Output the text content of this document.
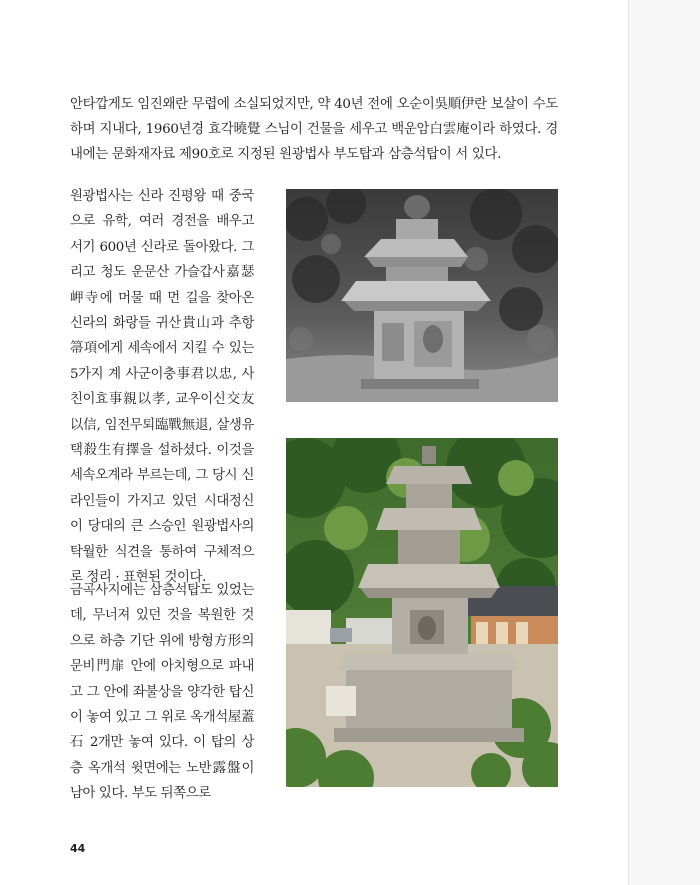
안타깝게도 임진왜란 무렵에 소실되었지만, 약 40년 전에 오순이吳順伊란 보살이 수도하며 지내다, 1960년경 효각曉覺 스님이 건물을 세우고 백운암白雲庵이라 하였다. 경내에는 문화재자료 제90호로 지정된 원광법사 부도탑과 삼층석탑이 서 있다.

원광법사는 신라 진평왕 때 중국으로 유학, 여러 경전을 배우고 서기 600년 신라로 돌아왔다. 그리고 청도 운문산 가슬갑사嘉瑟岬寺에 머물 때 먼 길을 찾아온 신라의 화랑들 귀산貴山과 추항箒項에게 세속에서 지킬 수 있는 5가지 계 사군이충事君以忠, 사친이효事親以孝, 교우이신交友以信, 임전무퇴臨戰無退, 살생유택殺生有擇을 설하셨다. 이것을 세속오계라 부르는데, 그 당시 신라인들이 가지고 있던 시대정신이 당대의 큰 스승인 원광법사의 탁월한 식견을 통하여 구체적으로 정리 · 표현된 것이다.

금곡사지에는 삼층석탑도 있었는데, 무너져 있던 것을 복원한 것으로 하층 기단 위에 방형方形의 문비門扉 안에 아치형으로 파내고 그 안에 좌불상을 양각한 탑신이 놓여 있고 그 위로 옥개석屋蓋石 2개만 놓여 있다. 이 탑의 상층 옥개석 윗면에는 노반露盤이 남아 있다. 부도 뒤쪽으로

44
